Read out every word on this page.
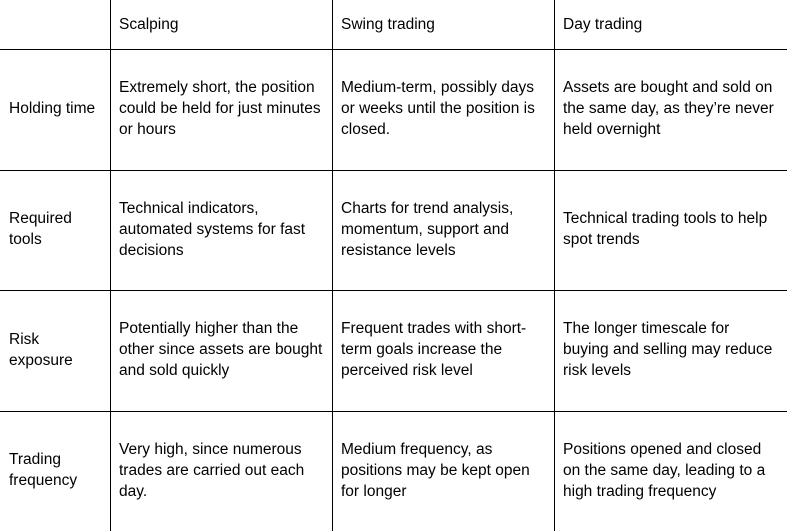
	Scalping	Swing trading	Day trading
Holding time	Extremely short, the position could be held for just minutes or hours	Medium-term, possibly days or weeks until the position is closed.	Assets are bought and sold on the same day, as they’re never held overnight
Required tools	Technical indicators, automated systems for fast decisions	Charts for trend analysis, momentum, support and resistance levels	Technical trading tools to help spot trends
Risk exposure	Potentially higher than the other since assets are bought and sold quickly	Frequent trades with short-term goals increase the perceived risk level	The longer timescale for buying and selling may reduce risk levels
Trading frequency	Very high, since numerous trades are carried out each day.	Medium frequency, as positions may be kept open for longer	Positions opened and closed on the same day, leading to a high trading frequency
